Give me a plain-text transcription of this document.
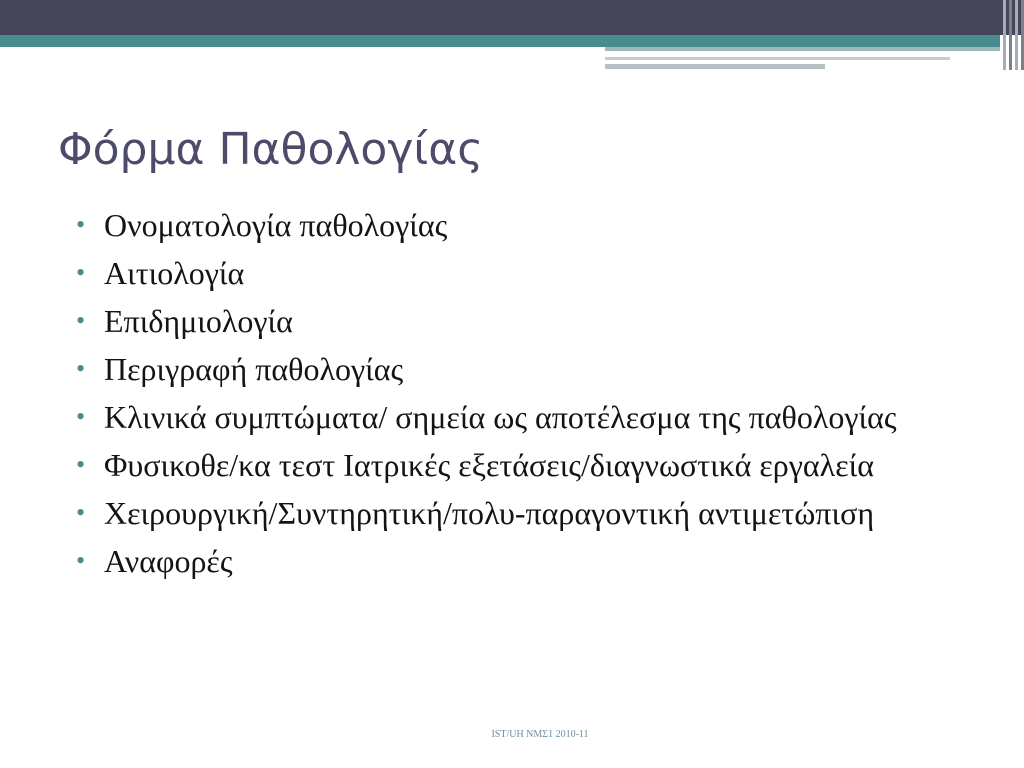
Φόρμα Παθολογίας
• Ονοματολογία παθολογίας
• Αιτιολογία
• Επιδημιολογία
• Περιγραφή παθολογίας
• Κλινικά συμπτώματα/ σημεία ως αποτέλεσμα της παθολογίας
• Φυσικοθε/κα τεστ Ιατρικές εξετάσεις/διαγνωστικά εργαλεία
• Χειρουργική/Συντηρητική/πολυ-παραγοντική αντιμετώπιση
• Αναφορές
IST/UH ΝΜΣ1 2010-11
